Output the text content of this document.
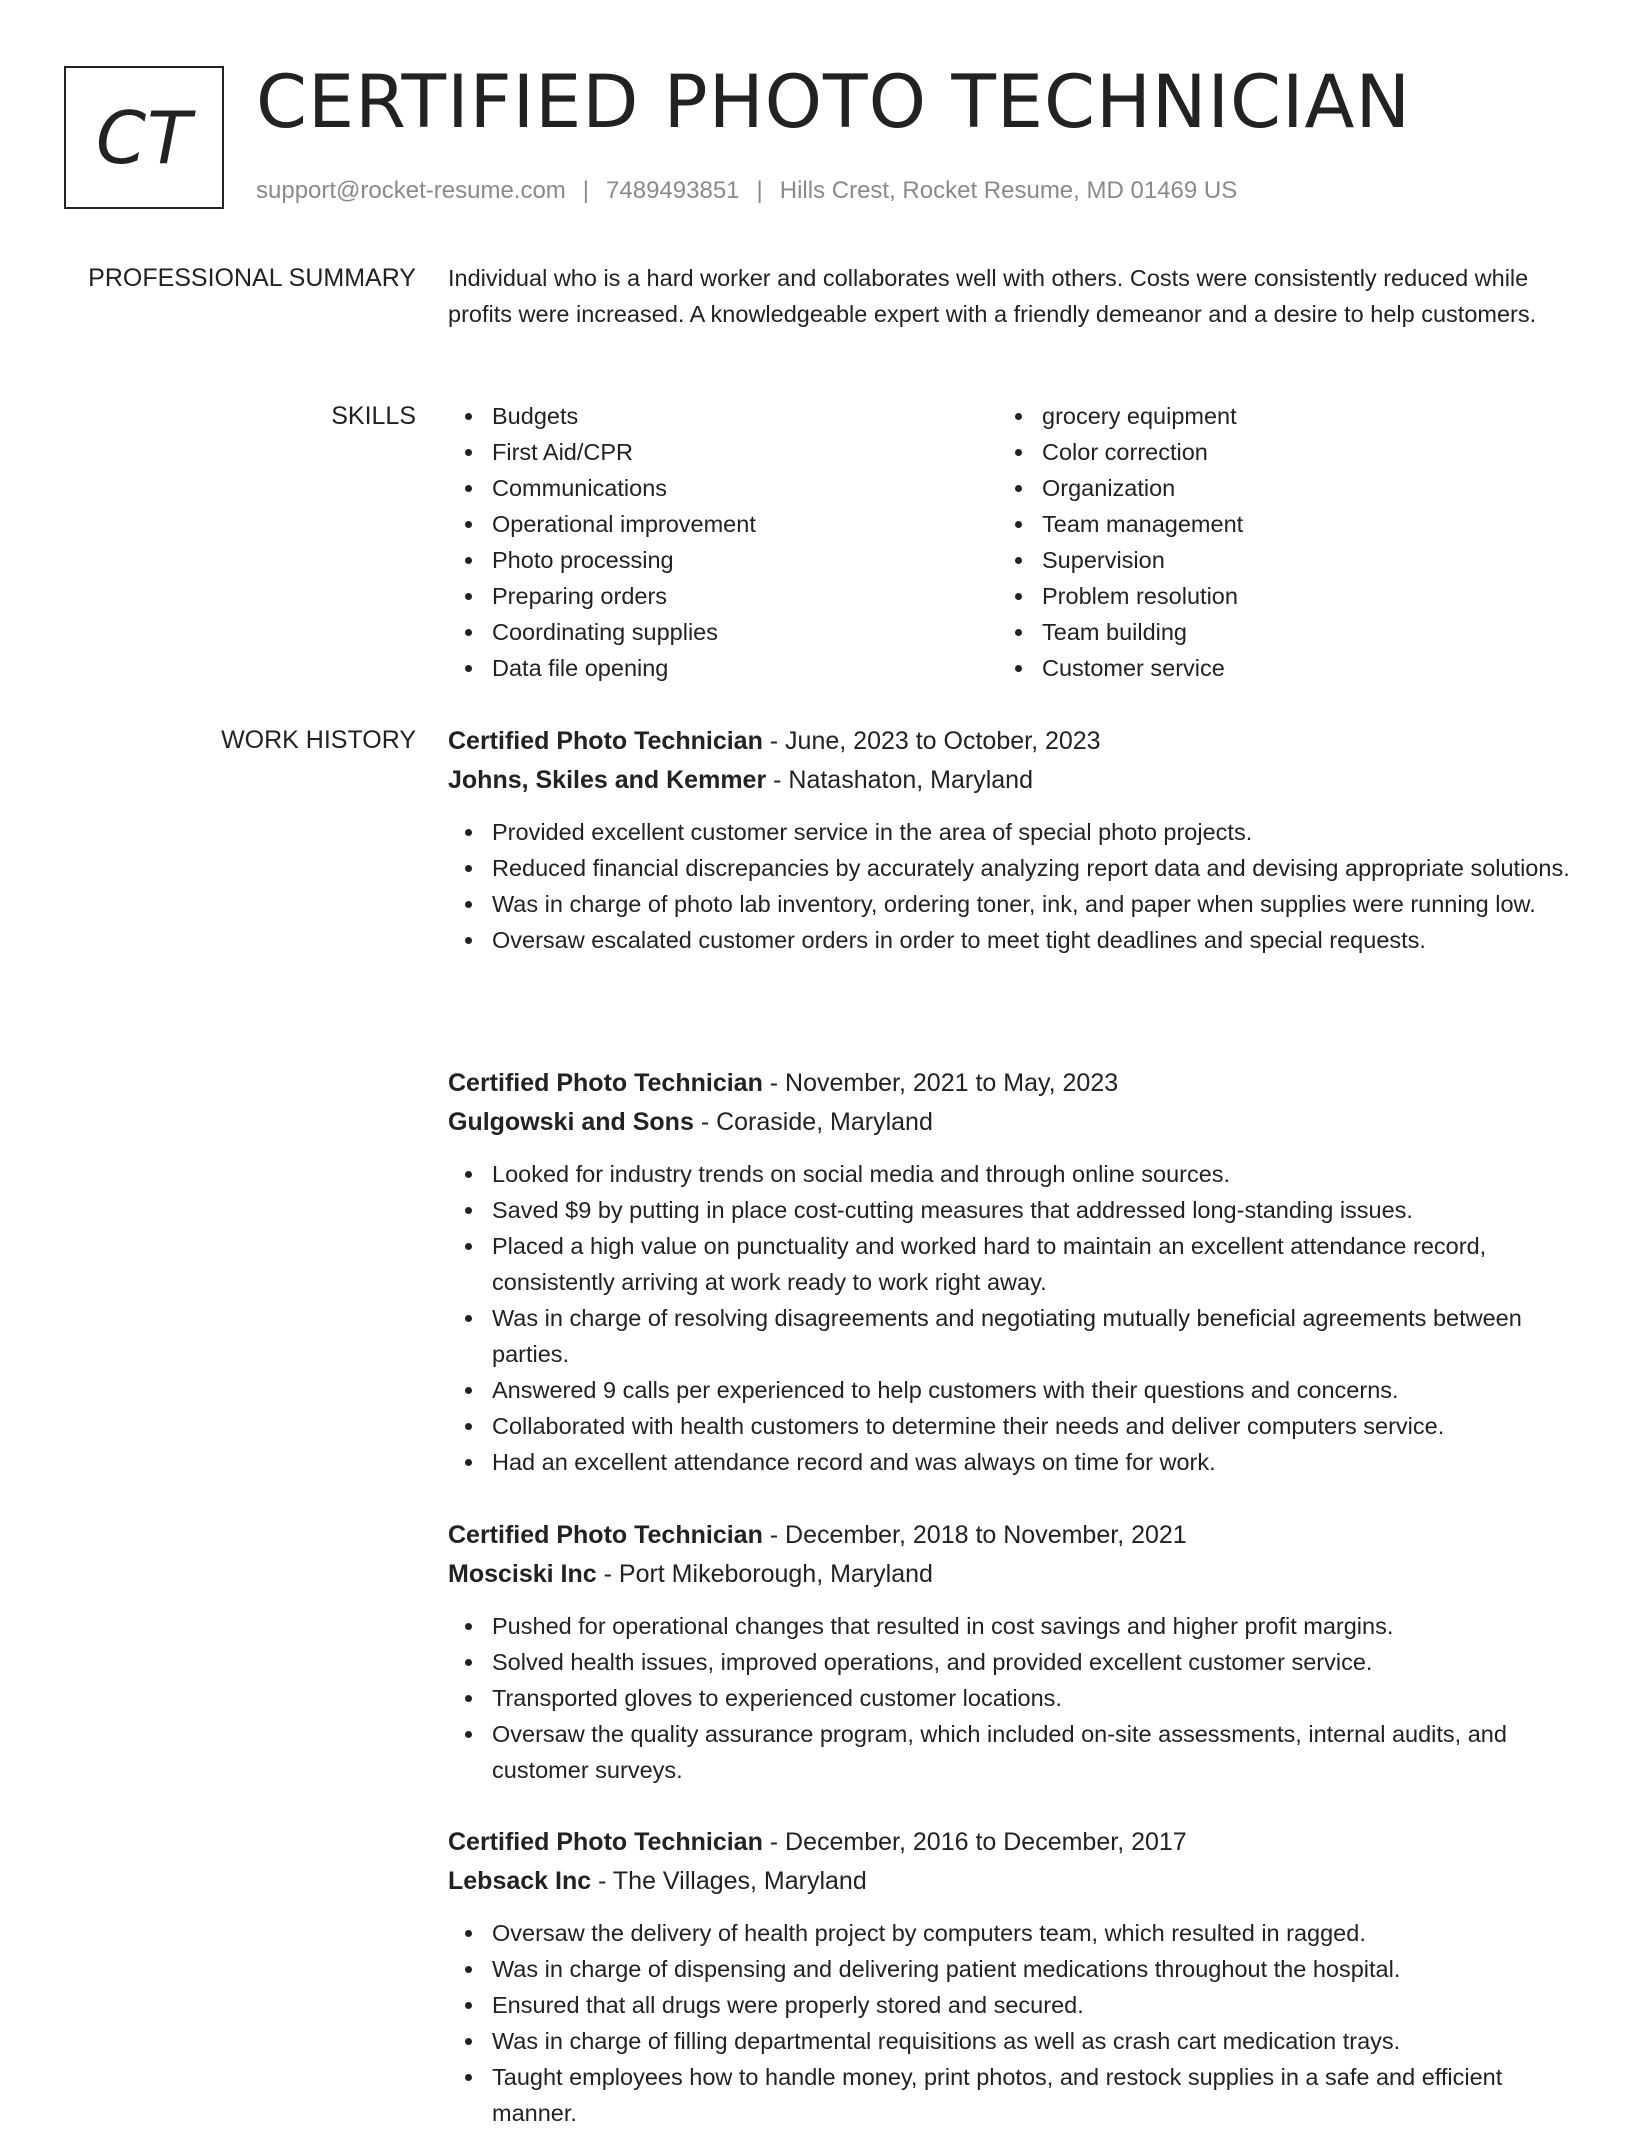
CT CERTIFIED PHOTO TECHNICIAN
support@rocket-resume.com | 7489493851 | Hills Crest, Rocket Resume, MD 01469 US
PROFESSIONAL SUMMARY Individual who is a hard worker and collaborates well with others. Costs were consistently reduced while profits were increased. A knowledgeable expert with a friendly demeanor and a desire to help customers.
SKILLS	Budgets
First Aid/CPR
Communications
Operational improvement
Photo processing
Preparing orders
Coordinating supplies
Data file opening
grocery equipment
Color correction
Organization
Team management
Supervision
Problem resolution
Team building
Customer service
WORK HISTORY Certified Photo Technician - June, 2023 to October, 2023
Johns, Skiles and Kemmer - Natashaton, Maryland
Provided excellent customer service in the area of special photo projects.
Reduced financial discrepancies by accurately analyzing report data and devising appropriate solutions.
Was in charge of photo lab inventory, ordering toner, ink, and paper when supplies were running low.
Oversaw escalated customer orders in order to meet tight deadlines and special requests.
Certified Photo Technician - November, 2021 to May, 2023
Gulgowski and Sons - Coraside, Maryland
Looked for industry trends on social media and through online sources.
Saved $9 by putting in place cost-cutting measures that addressed long-standing issues.
Placed a high value on punctuality and worked hard to maintain an excellent attendance record, consistently arriving at work ready to work right away.
Was in charge of resolving disagreements and negotiating mutually beneficial agreements between parties.
Answered 9 calls per experienced to help customers with their questions and concerns.
Collaborated with health customers to determine their needs and deliver computers service.
Had an excellent attendance record and was always on time for work.
Certified Photo Technician - December, 2018 to November, 2021
Mosciski Inc - Port Mikeborough, Maryland
Pushed for operational changes that resulted in cost savings and higher profit margins.
Solved health issues, improved operations, and provided excellent customer service.
Transported gloves to experienced customer locations.
Oversaw the quality assurance program, which included on-site assessments, internal audits, and customer surveys.
Certified Photo Technician - December, 2016 to December, 2017
Lebsack Inc - The Villages, Maryland
Oversaw the delivery of health project by computers team, which resulted in ragged.
Was in charge of dispensing and delivering patient medications throughout the hospital.
Ensured that all drugs were properly stored and secured.
Was in charge of filling departmental requisitions as well as crash cart medication trays.
Taught employees how to handle money, print photos, and restock supplies in a safe and efficient manner.
